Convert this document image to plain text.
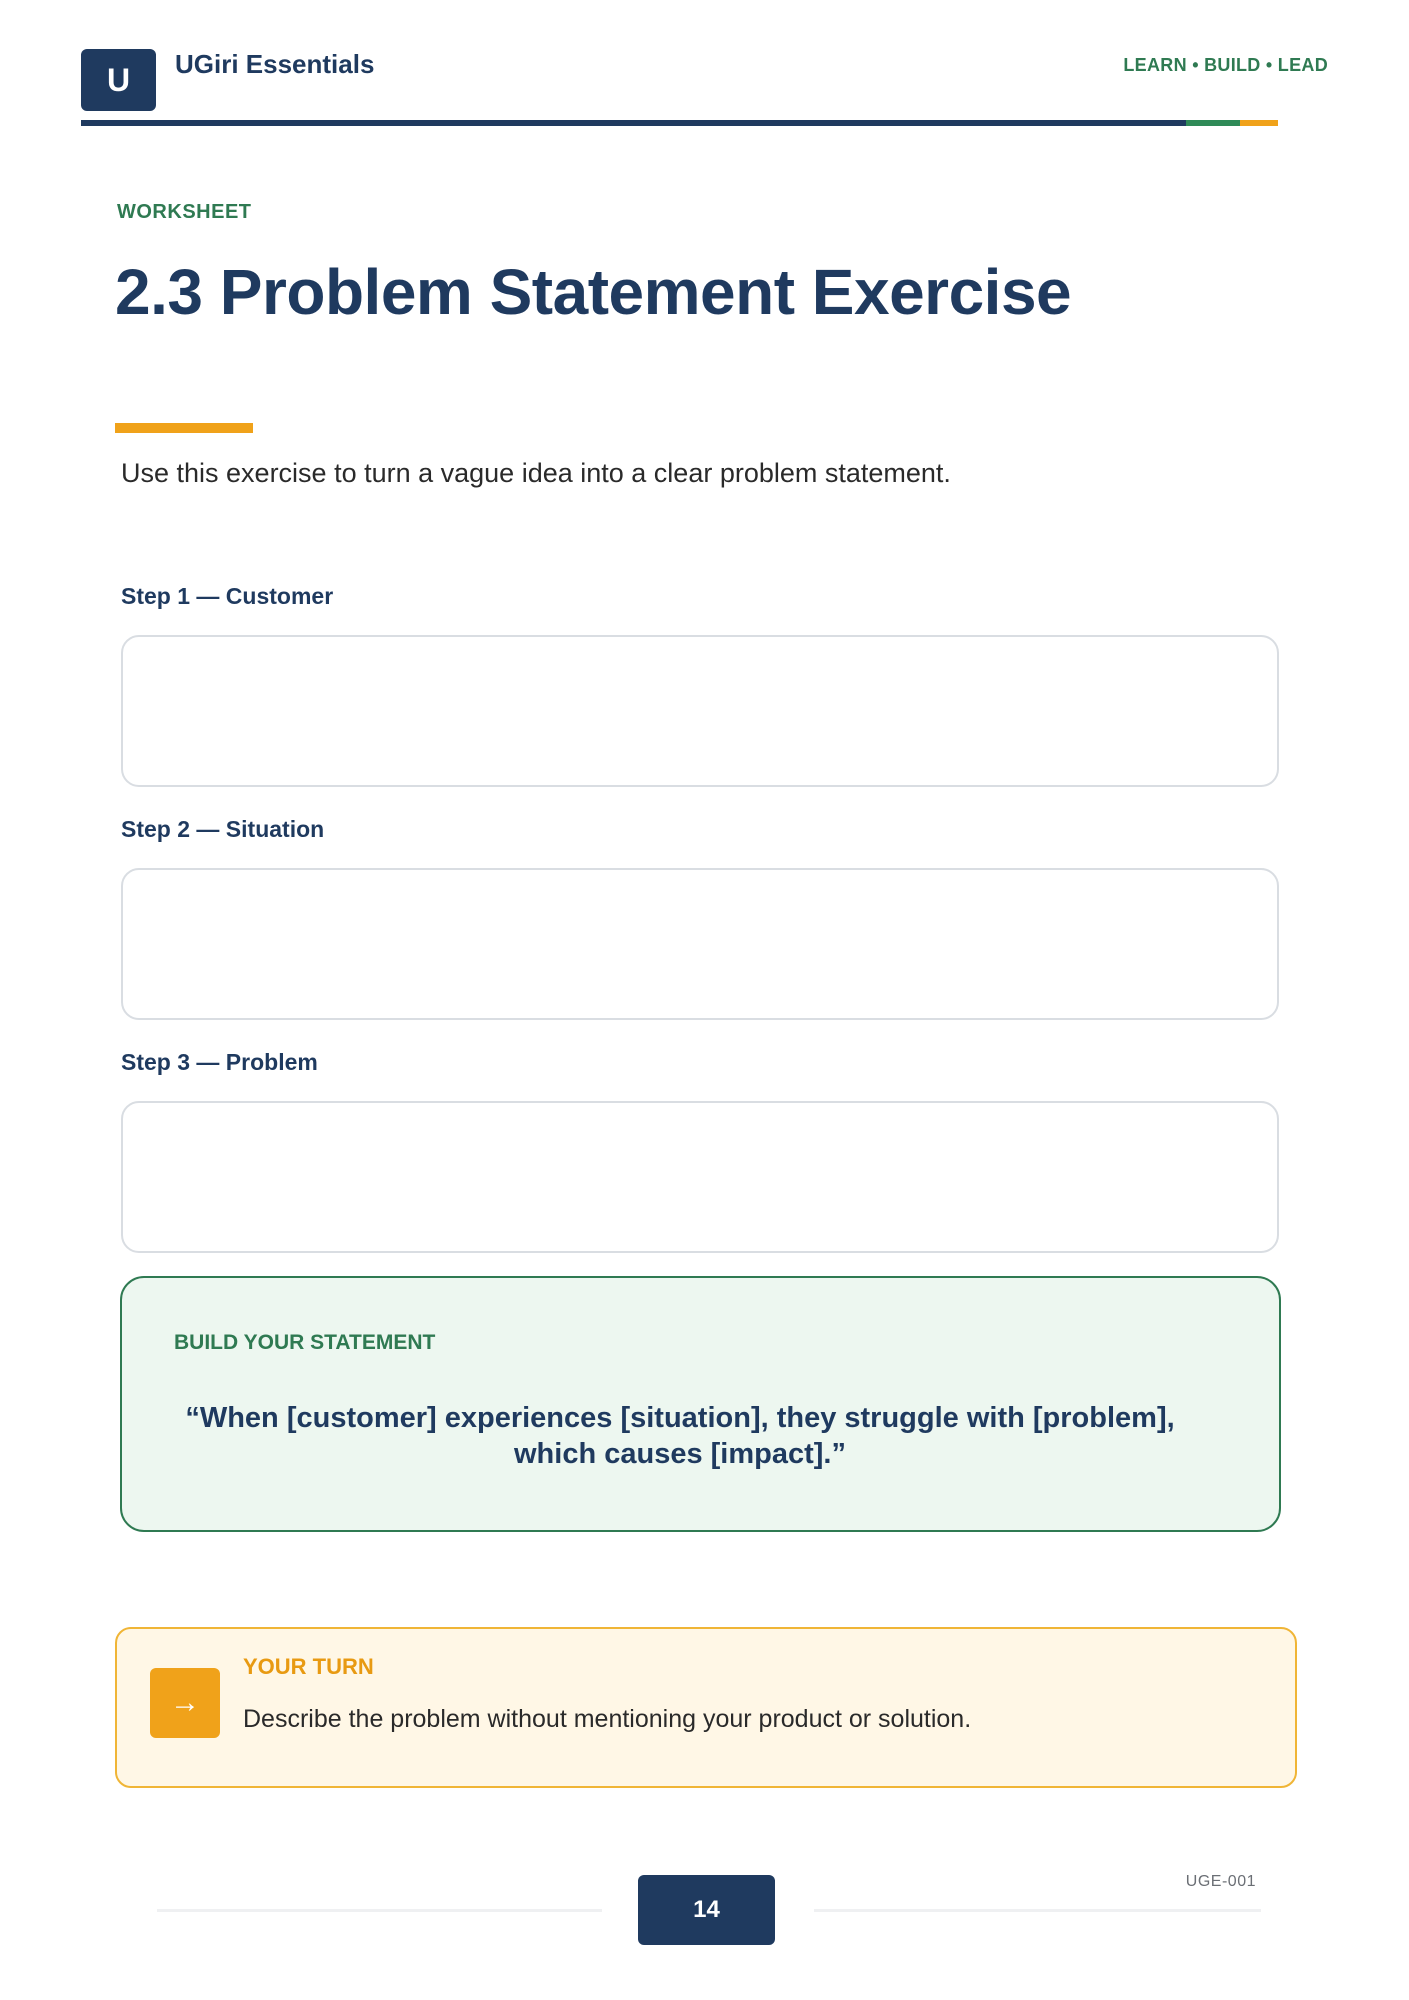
U UGiri Essentials	LEARN • BUILD • LEAD
WORKSHEET
2.3 Problem Statement Exercise
Use this exercise to turn a vague idea into a clear problem statement.
Step 1 — Customer
Step 2 — Situation
Step 3 — Problem
BUILD YOUR STATEMENT
“When [customer] experiences [situation], they struggle with [problem], which causes [impact].”
→
YOUR TURN
Describe the problem without mentioning your product or solution.
14
UGE-001
